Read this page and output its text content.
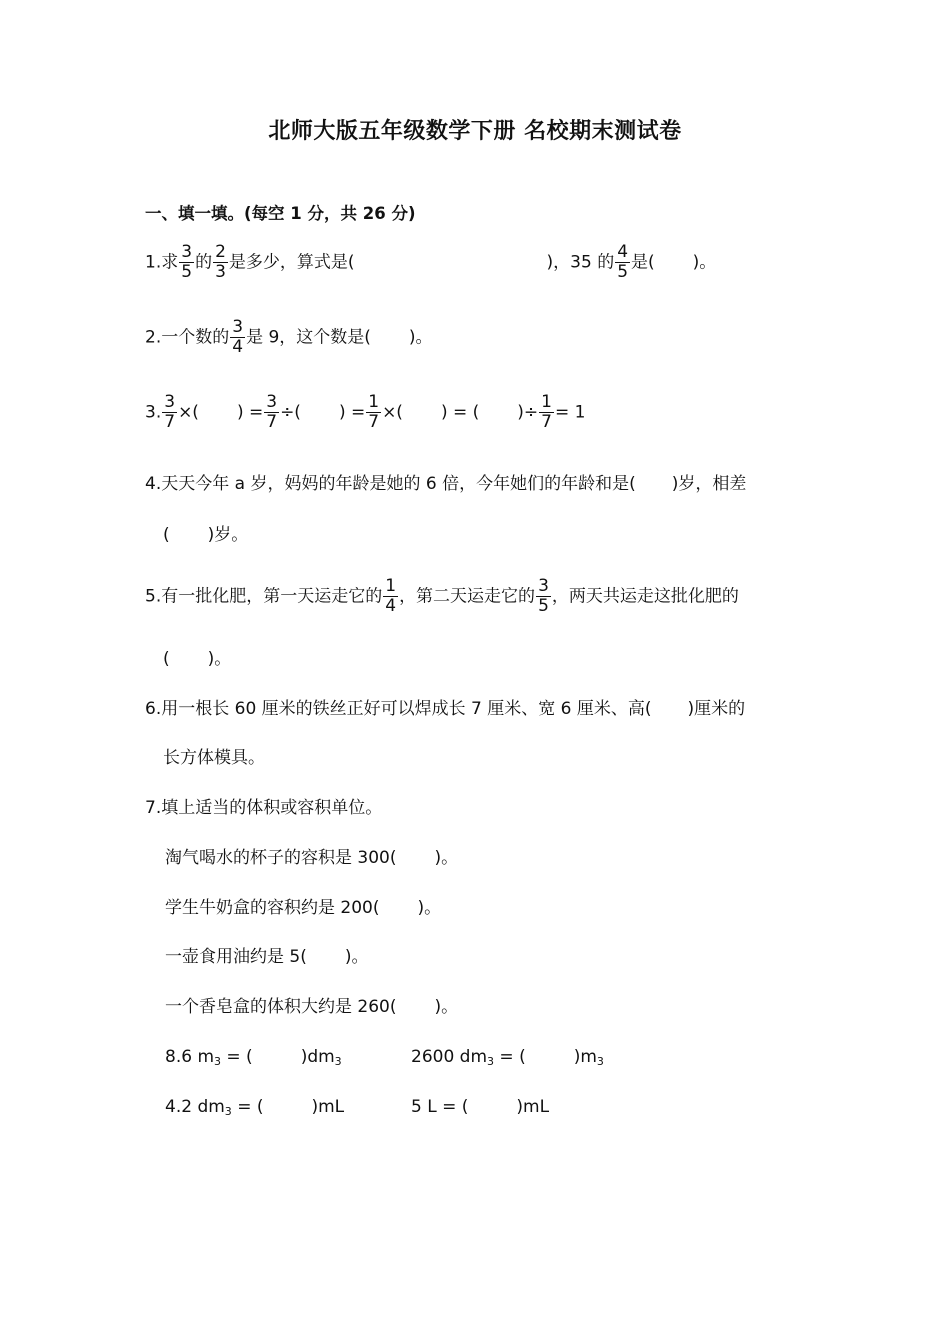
北师大版五年级数学下册 名校期末测试卷
一、填一填。(每空 1 分，共 26 分)
1.求 $\frac{3}{5}$ 的 $\frac{2}{3}$ 是多少，算式是(	)，35 的 $\frac{4}{5}$ 是( )。
2.一个数的 $\frac{3}{4}$ 是 9，这个数是( )。
3. $\frac{3}{7}$ ×( ) = $\frac{3}{7}$ ÷( ) = $\frac{1}{7}$ ×( ) = ( )÷ $\frac{1}{7} = 1$
4.天天今年 a 岁，妈妈的年龄是她的 6 倍，今年她们的年龄和是( )岁，相差
( )岁。
5.有一批化肥，第一天运走它的 $\frac{1}{4}$ ，第二天运走它的 $\frac{3}{5}$ ，两天共运走这批化肥的
( )。
6.用一根长 60 厘米的铁丝正好可以焊成长 7 厘米、宽 6 厘米、高( )厘米的
长方体模具。
7.填上适当的体积或容积单位。
淘气喝水的杯子的容积是 300( )。
学生牛奶盒的容积约是 200( )。
一壶食用油约是 5( )。
一个香皂盒的体积大约是 260( )。
8.6 $m_3$ = (	)$dm_3$	2600 $dm_3$ = (	)$m_3$
4.2 $dm_3$ = (	)mL	5 L = (	)mL
